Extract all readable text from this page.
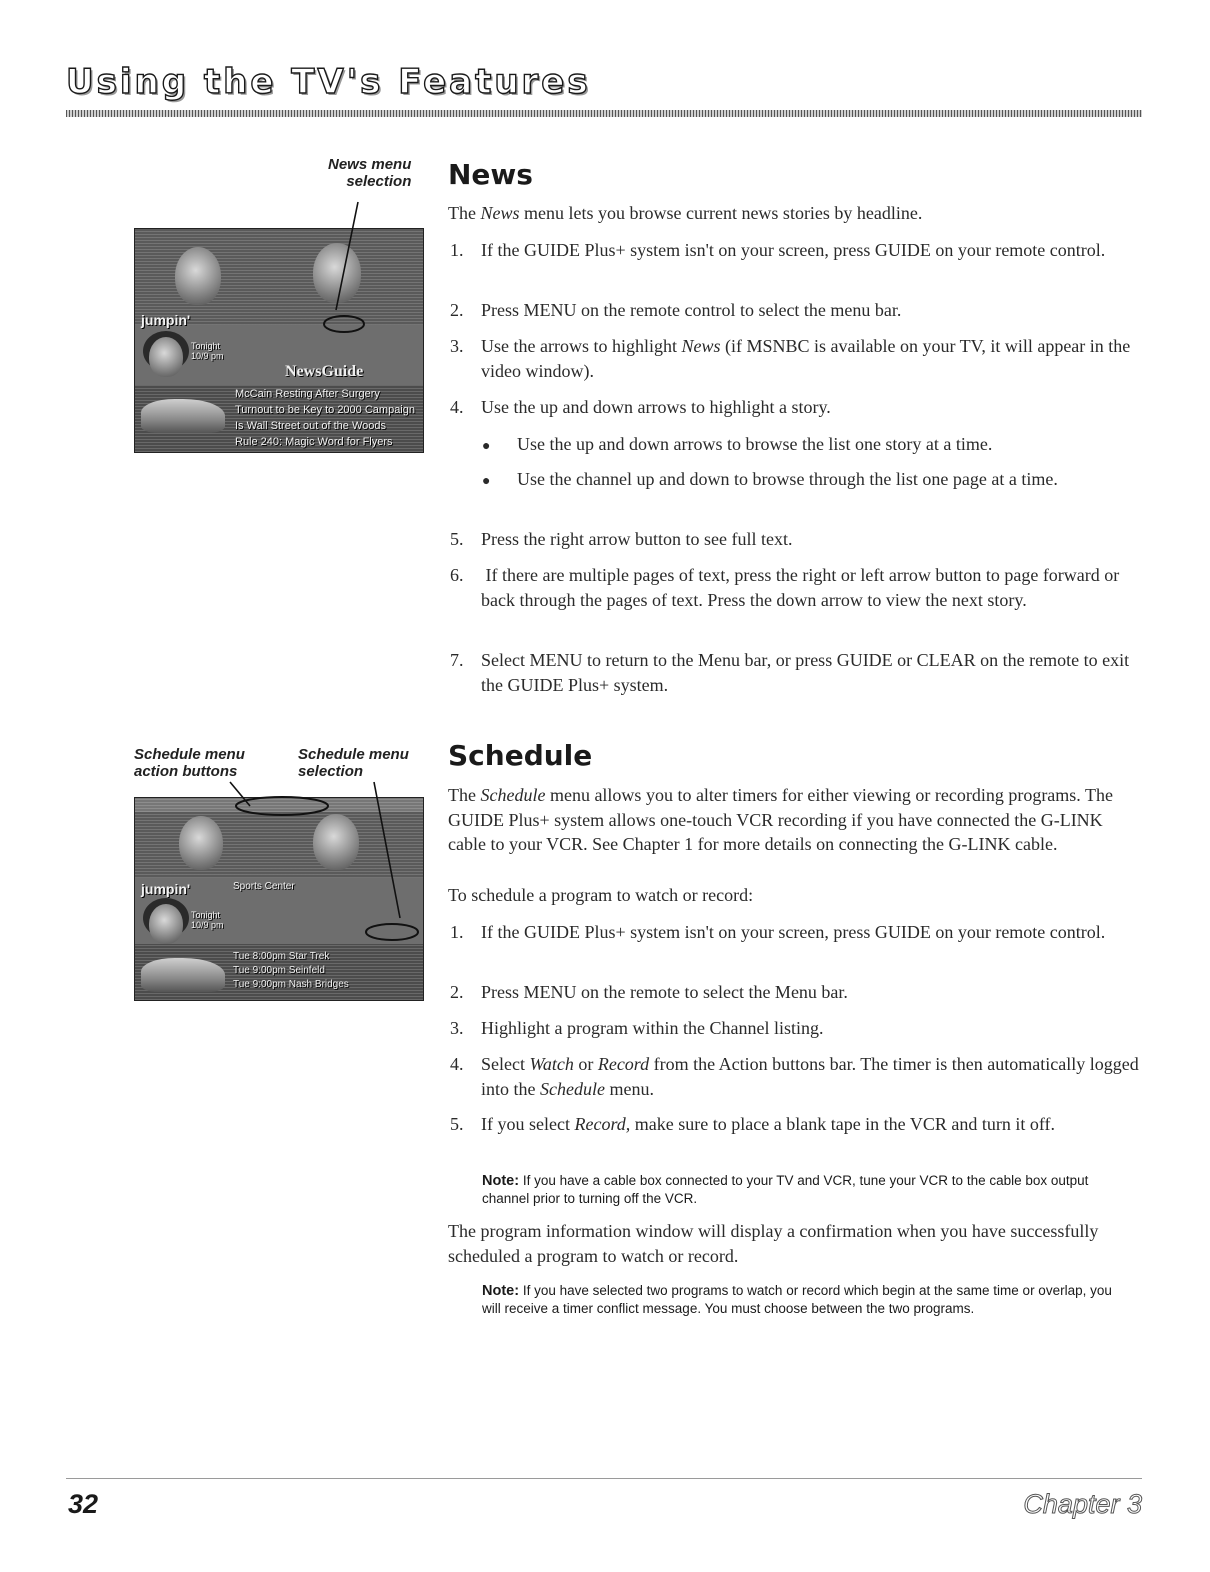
Using the TV's Features
News menu
selection
jumpin'
Tonight
10/9 pm
NewsGuide
McCain Resting After Surgery
Turnout to be Key to 2000 Campaign
Is Wall Street out of the Woods
Rule 240: Magic Word for Flyers
News

The News menu lets you browse current news stories by headline.

1. If the GUIDE Plus+ system isn't on your screen, press GUIDE on your remote control.

2. Press MENU on the remote control to select the menu bar.

3. Use the arrows to highlight News (if MSNBC is available on your TV, it will appear in the video window).

4. Use the up and down arrows to highlight a story.

● Use the up and down arrows to browse the list one story at a time.

● Use the channel up and down to browse through the list one page at a time.

5. Press the right arrow button to see full text.

6. If there are multiple pages of text, press the right or left arrow button to page forward or back through the pages of text. Press the down arrow to view the next story.

7. Select MENU to return to the Menu bar, or press GUIDE or CLEAR on the remote to exit the GUIDE Plus+ system.

Schedule menu
action buttons
Schedule menu
selection
jumpin'
Tonight
10/9 pm
Sports Center
Tue 8:00pm Star Trek
Tue 9:00pm Seinfeld
Tue 9:00pm Nash Bridges
Schedule

The Schedule menu allows you to alter timers for either viewing or recording programs. The GUIDE Plus+ system allows one-touch VCR recording if you have connected the G-LINK cable to your VCR. See Chapter 1 for more details on connecting the G-LINK cable.

To schedule a program to watch or record:

1. If the GUIDE Plus+ system isn't on your screen, press GUIDE on your remote control.

2. Press MENU on the remote to select the Menu bar.

3. Highlight a program within the Channel listing.

4. Select Watch or Record from the Action buttons bar. The timer is then automatically logged into the Schedule menu.

5. If you select Record, make sure to place a blank tape in the VCR and turn it off.

Note: If you have a cable box connected to your TV and VCR, tune your VCR to the cable box output channel prior to turning off the VCR.

The program information window will display a confirmation when you have successfully scheduled a program to watch or record.

Note: If you have selected two programs to watch or record which begin at the same time or overlap, you will receive a timer conflict message. You must choose between the two programs.

32	Chapter 3
